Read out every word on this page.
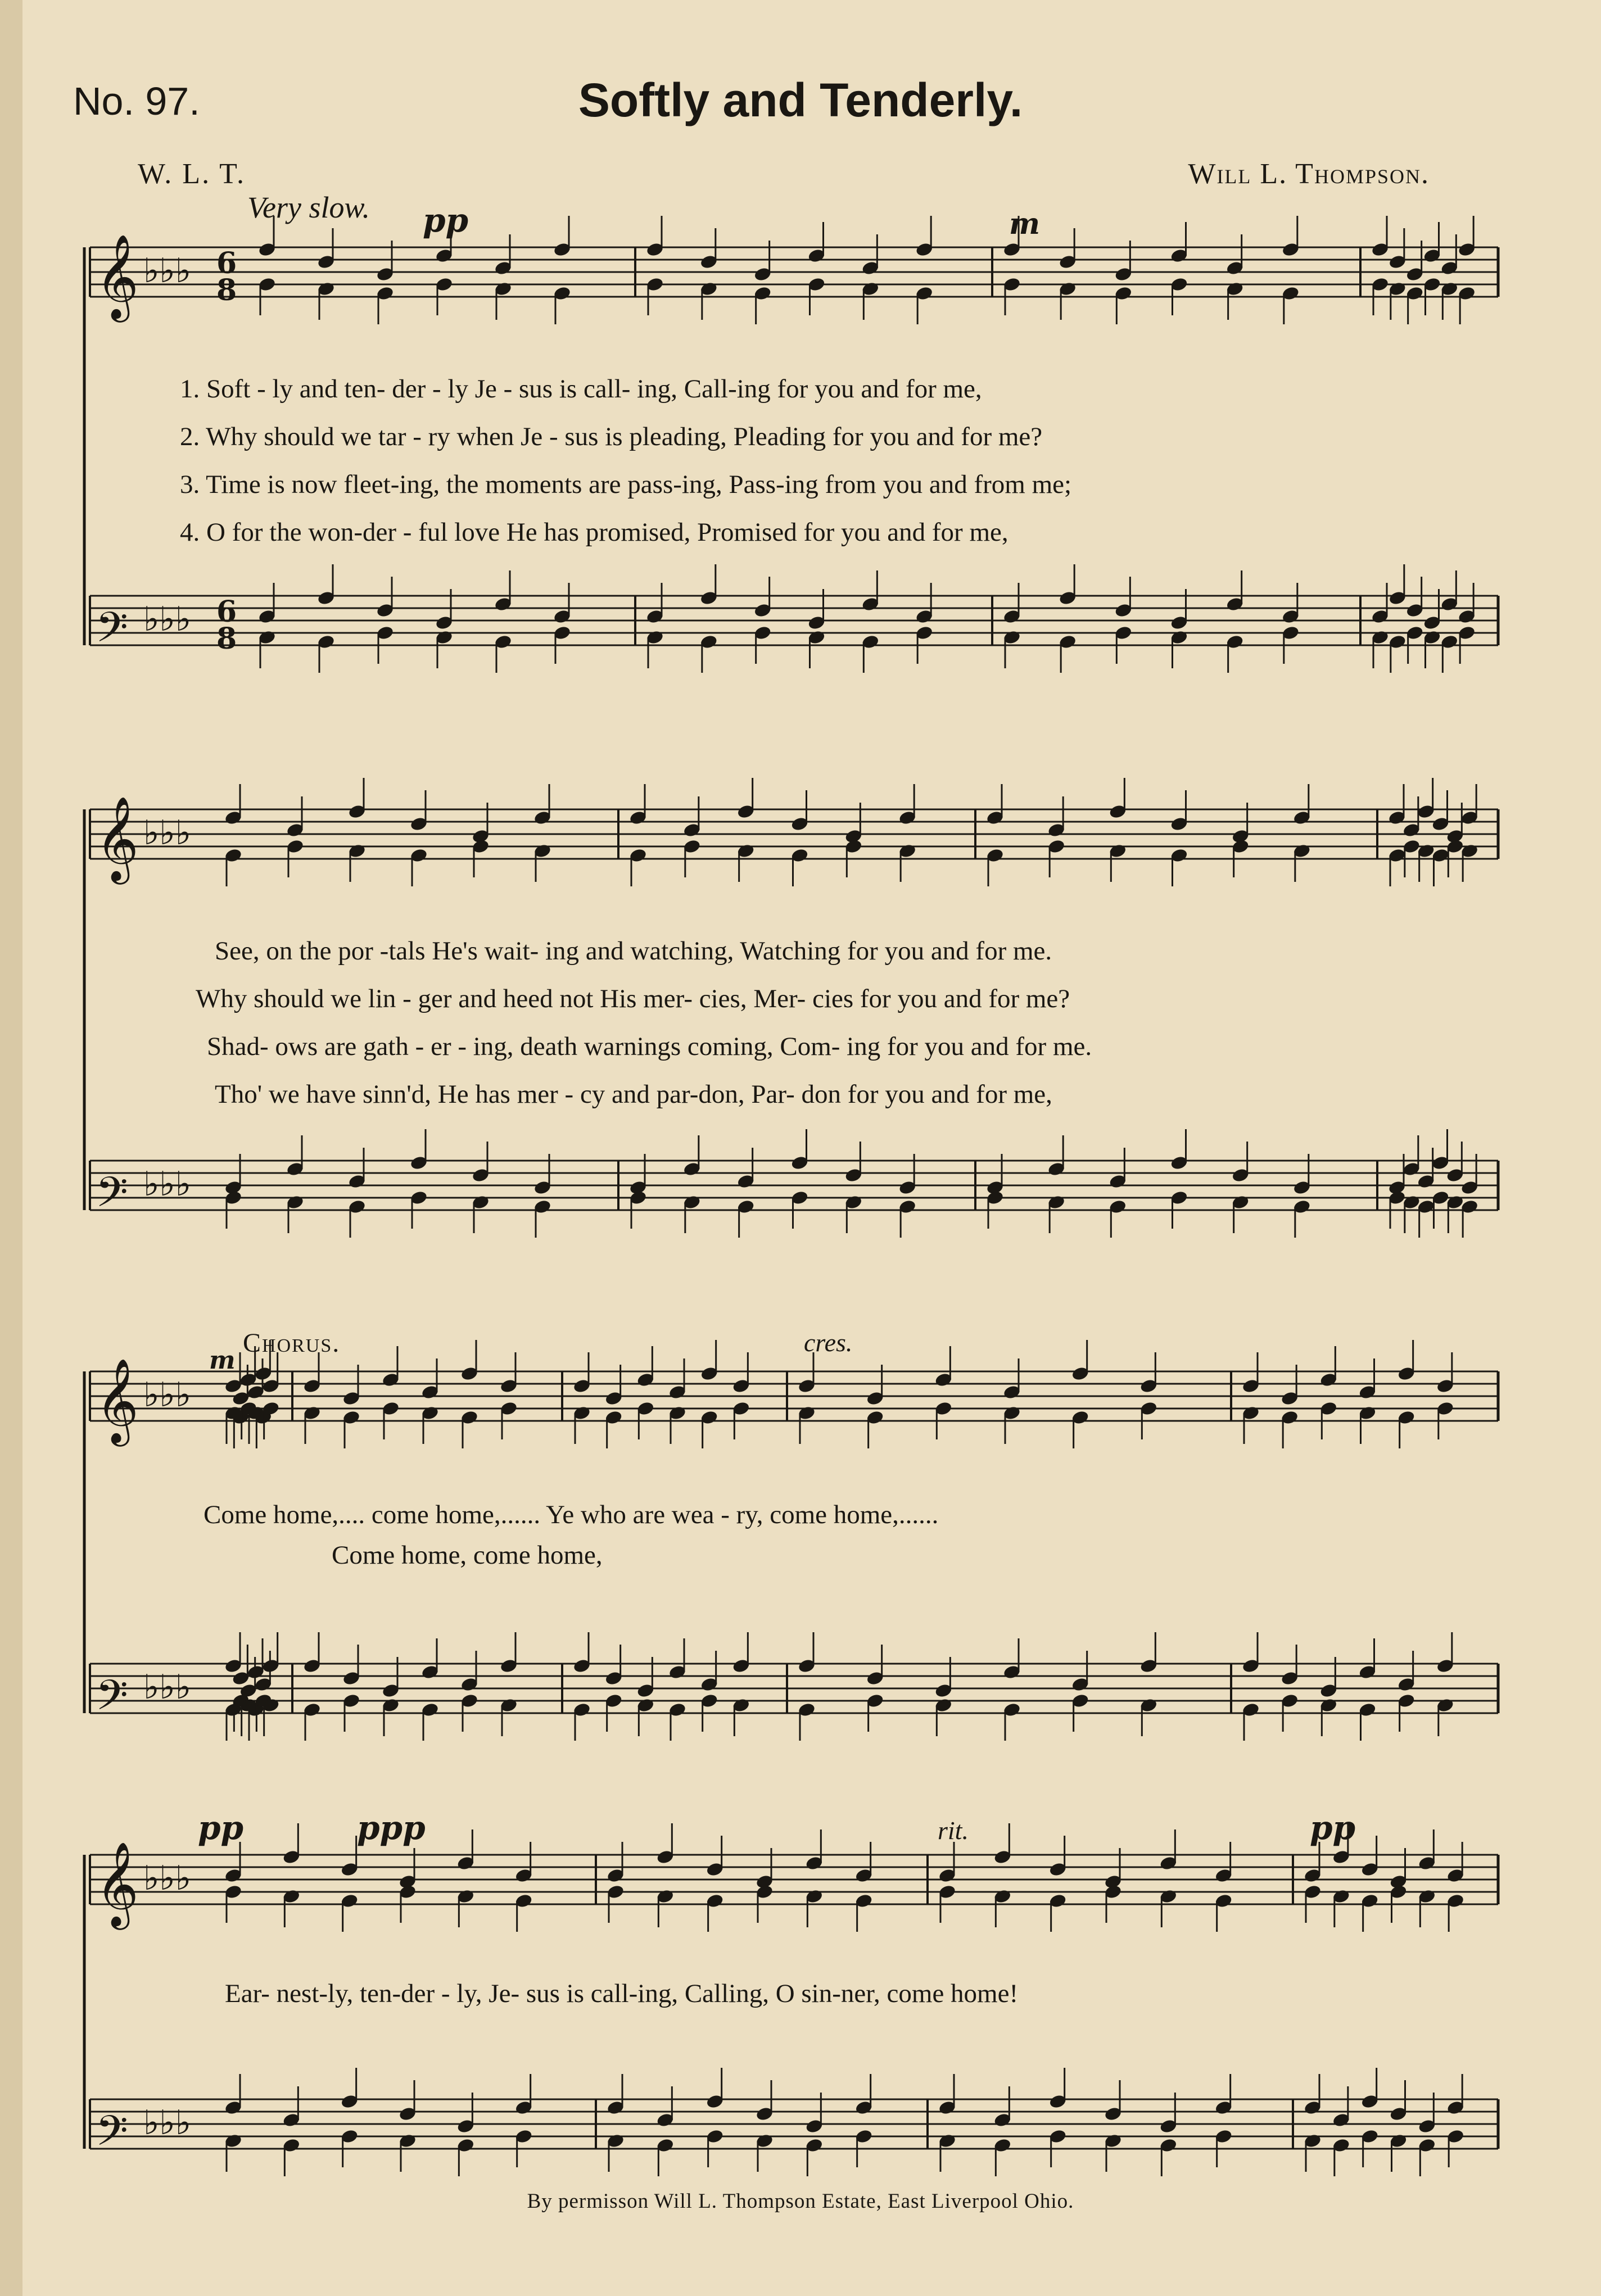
No. 97.	Softly and Tenderly.
W. L. T.	Will L. Thompson.
Very slow. pp	m
m
Chorus.	cres.
pp	ppp	rit.	pp
1. Soft - ly and ten- der - ly Je - sus is call- ing, Call-ing for you and for me,
2. Why should we tar - ry when Je - sus is pleading, Pleading for you and for me?
3. Time is now fleet-ing, the moments are pass-ing, Pass-ing from you and from me;
4. O for the won-der - ful love He has promised, Promised for you and for me,
See, on the por -tals He's wait- ing and watching, Watching for you and for me.
Why should we lin - ger and heed not His mer- cies, Mer- cies for you and for me?
Shad- ows are gath - er - ing, death warnings coming, Com- ing for you and for me.
Tho' we have sinn'd, He has mer - cy and par-don, Par- don for you and for me,
Come home,.... come home,...... Ye who are wea - ry, come home,......
Come home, come home,
Ear- nest-ly, ten-der - ly, Je- sus is call-ing, Calling, O sin-ner, come home!
By permisson Will L. Thompson Estate, East Liverpool Ohio.
𝄞 ♭♭♭ 6
8
𝄢 ♭♭♭ 6
8
𝄞 ♭♭♭
𝄢 ♭♭♭
𝄞 ♭♭♭
𝄢 ♭♭♭
𝄞 ♭♭♭
𝄢 ♭♭♭
